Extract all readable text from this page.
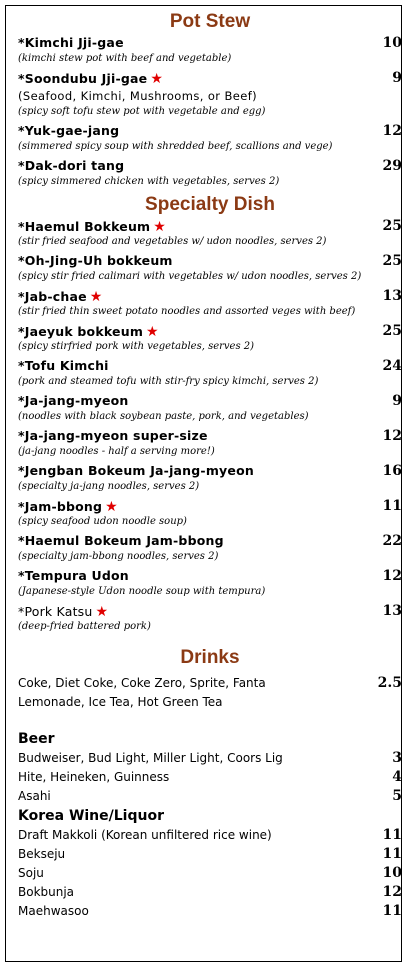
Pot Stew
*Kimchi Jji-gae	10
(kimchi stew pot with beef and vegetable)
*Soondubu Jji-gae ★	9
(Seafood, Kimchi, Mushrooms, or Beef)
(spicy soft tofu stew pot with vegetable and egg)
*Yuk-gae-jang	12
(simmered spicy soup with shredded beef, scallions and vege)
*Dak-dori tang	29
(spicy simmered chicken with vegetables, serves 2)
Specialty Dish
*Haemul Bokkeum ★	25
(stir fried seafood and vegetables w/ udon noodles, serves 2)
*Oh-Jing-Uh bokkeum	25
(spicy stir fried calimari with vegetables w/ udon noodles, serves 2)
*Jab-chae ★	13
(stir fried thin sweet potato noodles and assorted veges with beef)
*Jaeyuk bokkeum ★	25
(spicy stirfried pork with vegetables, serves 2)
*Tofu Kimchi	24
(pork and steamed tofu with stir-fry spicy kimchi, serves 2)
*Ja-jang-myeon	9
(noodles with black soybean paste, pork, and vegetables)
*Ja-jang-myeon super-size	12
(ja-jang noodles - half a serving more!)
*Jengban Bokeum Ja-jang-myeon	16
(specialty ja-jang noodles, serves 2)
*Jam-bbong ★	11
(spicy seafood udon noodle soup)
*Haemul Bokeum Jam-bbong	22
(specialty jam-bbong noodles, serves 2)
*Tempura Udon	12
(Japanese-style Udon noodle soup with tempura)
*Pork Katsu ★	13
(deep-fried battered pork)
Drinks
Coke, Diet Coke, Coke Zero, Sprite, Fanta	2.5
Lemonade, Ice Tea, Hot Green Tea
Beer
Budweiser, Bud Light, Miller Light, Coors Lig	3
Hite, Heineken, Guinness	4
Asahi	5
Korea Wine/Liquor
Draft Makkoli (Korean unfiltered rice wine)	11
Bekseju	11
Soju	10
Bokbunja	12
Maehwasoo	11
